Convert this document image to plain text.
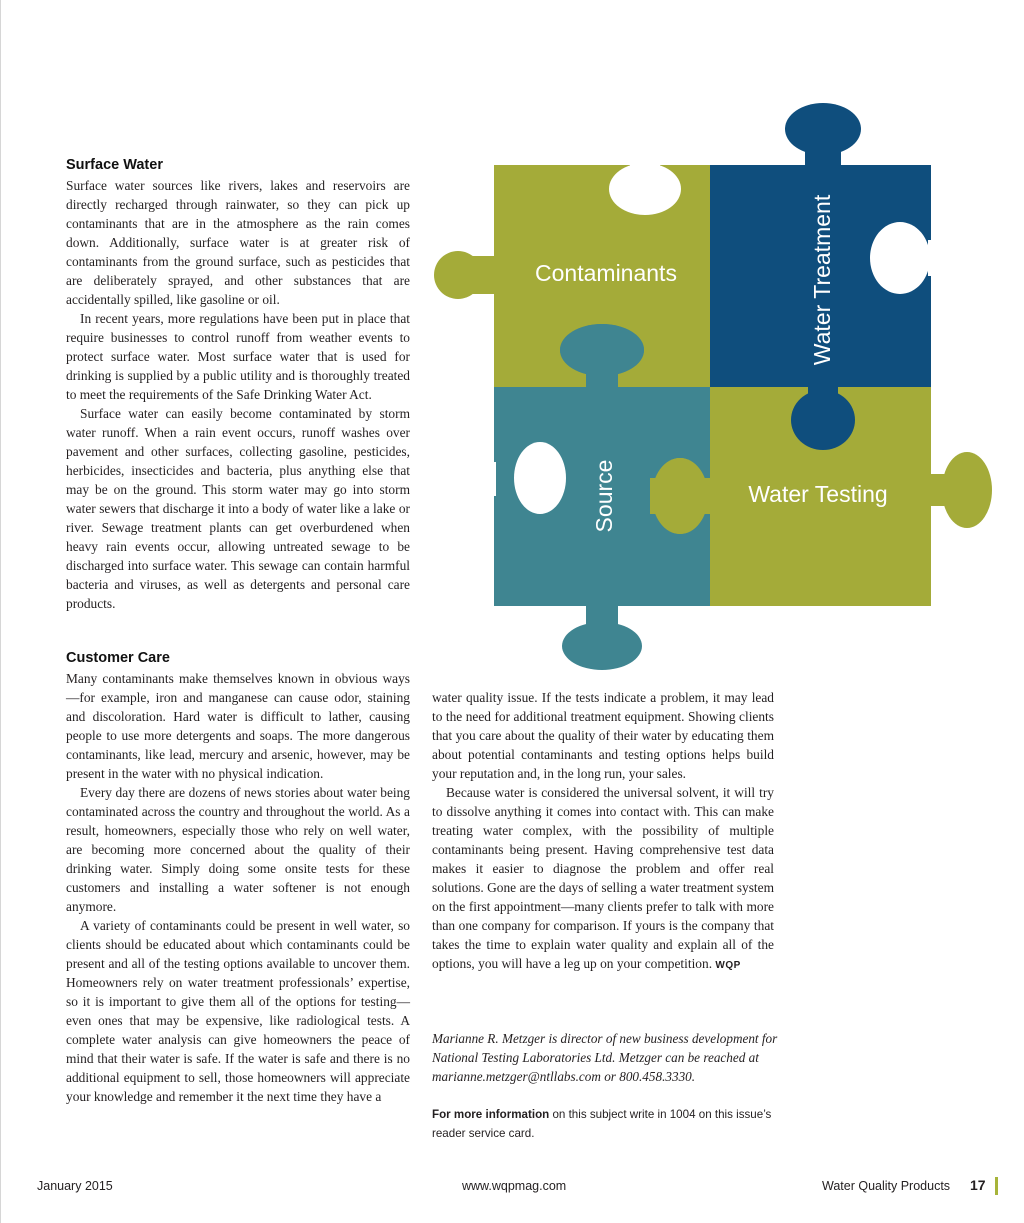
Contaminants	Water Treatment
Source	Water Testing
Surface Water

Surface water sources like rivers, lakes and reservoirs are directly recharged through rainwater, so they can pick up contaminants that are in the atmosphere as the rain comes down. Additionally, surface water is at greater risk of contaminants from the ground surface, such as pesticides that are deliberately sprayed, and other substances that are accidentally spilled, like gasoline or oil.

In recent years, more regulations have been put in place that require businesses to control runoff from weather events to protect surface water. Most surface water that is used for drinking is supplied by a public utility and is thoroughly treated to meet the requirements of the Safe Drinking Water Act.

Surface water can easily become contaminated by storm water runoff. When a rain event occurs, runoff washes over pavement and other surfaces, collecting gasoline, pesticides, herbicides, insecticides and bacteria, plus anything else that may be on the ground. This storm water may go into storm water sewers that discharge it into a body of water like a lake or river. Sewage treatment plants can get overburdened when heavy rain events occur, allowing untreated sewage to be discharged into surface water. This sewage can contain harmful bacteria and viruses, as well as detergents and personal care products.

Customer Care

Many contaminants make themselves known in obvious ways—for example, iron and manganese can cause odor, staining and discoloration. Hard water is difficult to lather, causing people to use more detergents and soaps. The more dangerous contaminants, like lead, mercury and arsenic, however, may be present in the water with no physical indication.

Every day there are dozens of news stories about water being contaminated across the country and throughout the world. As a result, homeowners, especially those who rely on well water, are becoming more concerned about the quality of their drinking water. Simply doing some onsite tests for these customers and installing a water softener is not enough anymore.

A variety of contaminants could be present in well water, so clients should be educated about which contaminants could be present and all of the testing options available to uncover them. Homeowners rely on water treatment professionals’ expertise, so it is important to give them all of the options for testing—even ones that may be expensive, like radiological tests. A complete water analysis can give homeowners the peace of mind that their water is safe. If the water is safe and there is no additional equipment to sell, those homeowners will appreciate your knowledge and remember it the next time they have a

water quality issue. If the tests indicate a problem, it may lead to the need for additional treatment equipment. Showing clients that you care about the quality of their water by educating them about potential contaminants and testing options helps build your reputation and, in the long run, your sales.

Because water is considered the universal solvent, it will try to dissolve anything it comes into contact with. This can make treating water complex, with the possibility of multiple contaminants being present. Having comprehensive test data makes it easier to diagnose the problem and offer real solutions. Gone are the days of selling a water treatment system on the first appointment—many clients prefer to talk with more than one company for comparison. If yours is the company that takes the time to explain water quality and explain all of the options, you will have a leg up on your competition. WQP

Marianne R. Metzger is director of new business development for National Testing Laboratories Ltd. Metzger can be reached at marianne.metzger@ntllabs.com or 800.458.3330.

For more information on this subject write in 1004 on this issue’s reader service card.
January 2015	www.wqpmag.com	Water Quality Products 17
